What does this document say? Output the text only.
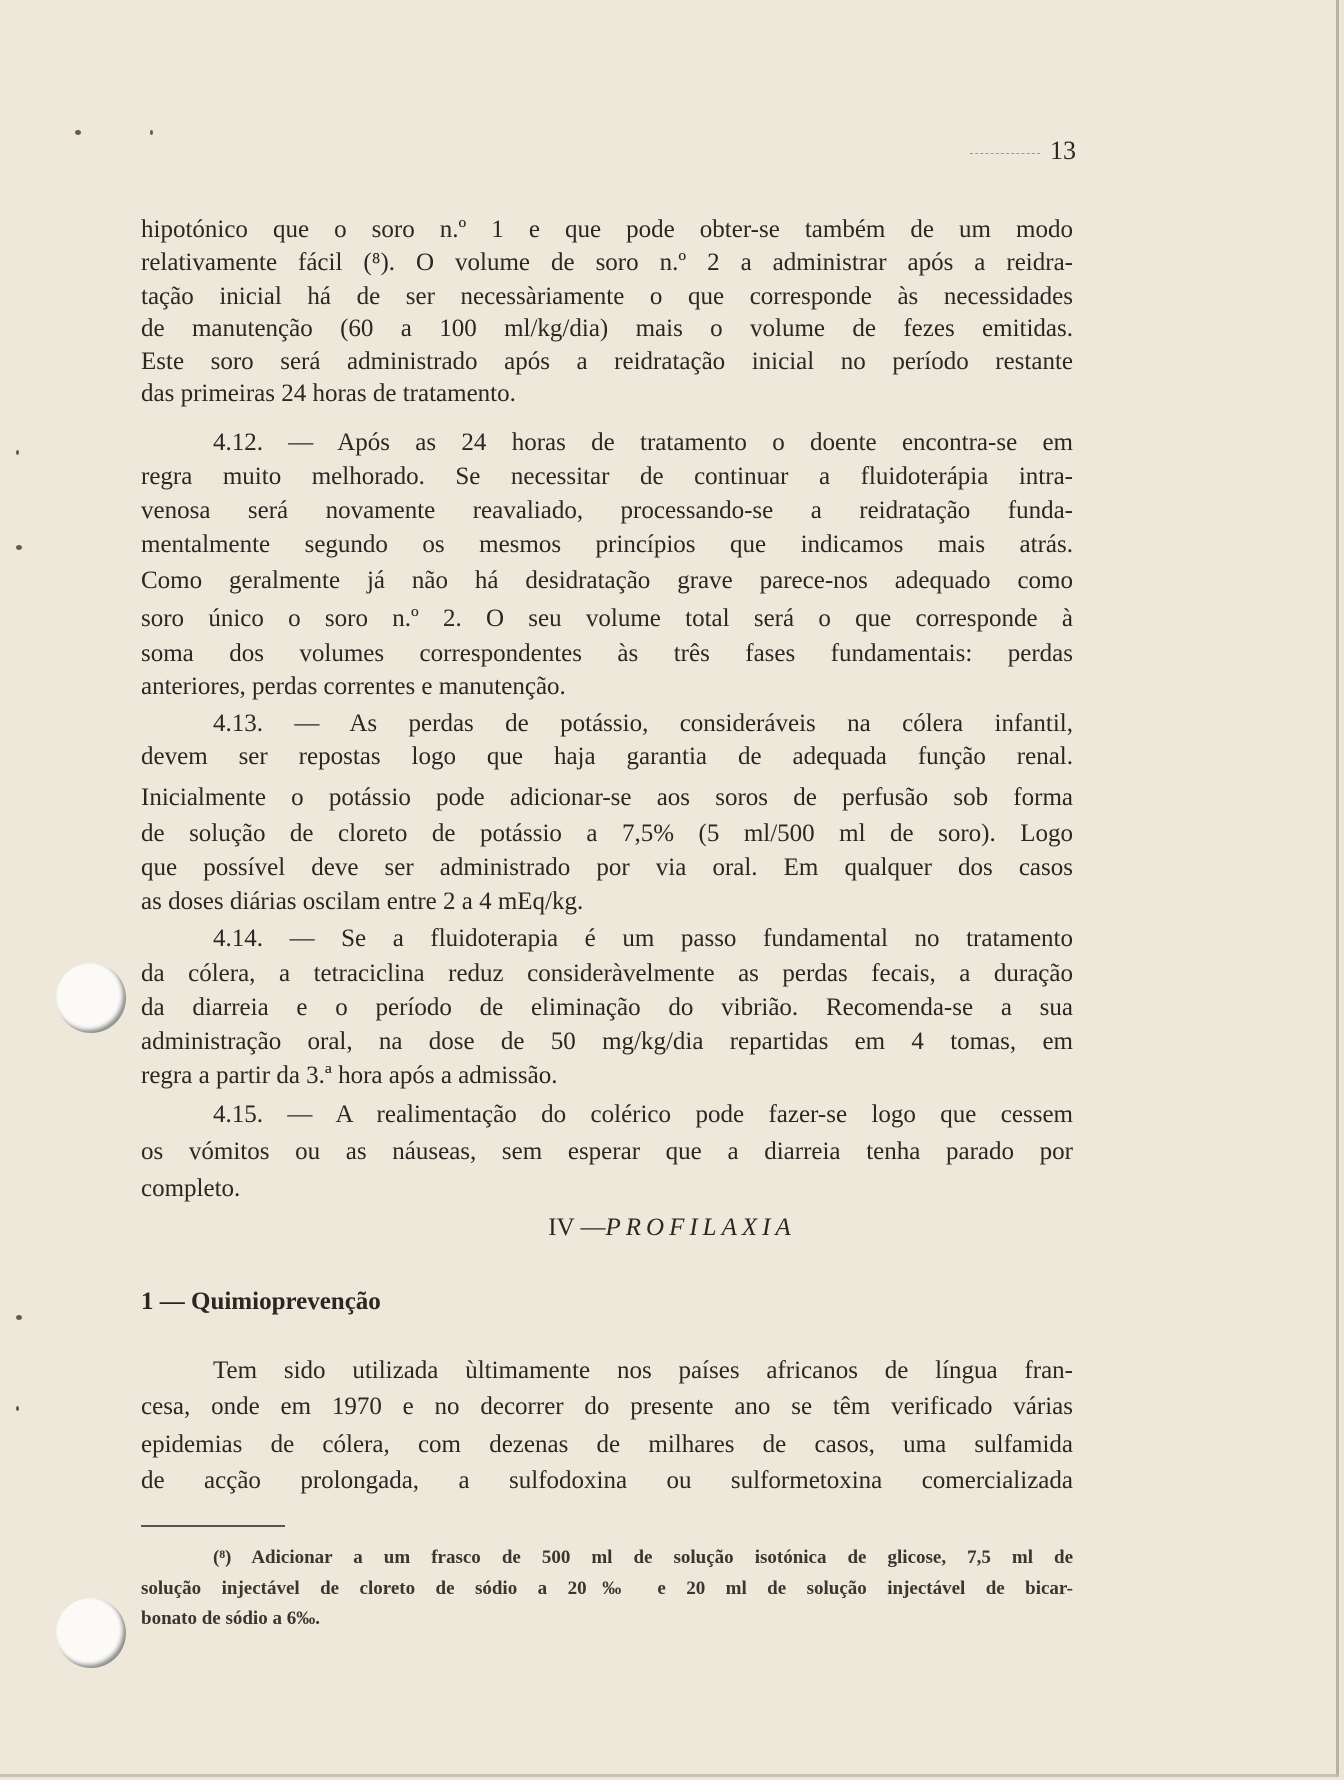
13
hipotónico que o soro n.º 1 e que pode obter-se também de um modo
relativamente fácil (⁸). O volume de soro n.º 2 a administrar após a reidra-
tação inicial há de ser necessàriamente o que corresponde às necessidades
de manutenção (60 a 100 ml/kg/dia) mais o volume de fezes emitidas.
Este soro será administrado após a reidratação inicial no período restante
das primeiras 24 horas de tratamento.
4.12. — Após as 24 horas de tratamento o doente encontra-se em
regra muito melhorado. Se necessitar de continuar a fluidoterápia intra-
venosa será novamente reavaliado, processando-se a reidratação funda-
mentalmente segundo os mesmos princípios que indicamos mais atrás.
Como geralmente já não há desidratação grave parece-nos adequado como
soro único o soro n.º 2. O seu volume total será o que corresponde à
soma dos volumes correspondentes às três fases fundamentais: perdas
anteriores, perdas correntes e manutenção.
4.13. — As perdas de potássio, consideráveis na cólera infantil,
devem ser repostas logo que haja garantia de adequada função renal.
Inicialmente o potássio pode adicionar-se aos soros de perfusão sob forma
de solução de cloreto de potássio a 7,5% (5 ml/500 ml de soro). Logo
que possível deve ser administrado por via oral. Em qualquer dos casos
as doses diárias oscilam entre 2 a 4 mEq/kg.
4.14. — Se a fluidoterapia é um passo fundamental no tratamento
da cólera, a tetraciclina reduz consideràvelmente as perdas fecais, a duração
da diarreia e o período de eliminação do vibrião. Recomenda-se a sua
administração oral, na dose de 50 mg/kg/dia repartidas em 4 tomas, em
regra a partir da 3.ª hora após a admissão.
4.15. — A realimentação do colérico pode fazer-se logo que cessem
os vómitos ou as náuseas, sem esperar que a diarreia tenha parado por
completo.
Tem sido utilizada ùltimamente nos países africanos de língua fran-
cesa, onde em 1970 e no decorrer do presente ano se têm verificado várias
epidemias de cólera, com dezenas de milhares de casos, uma sulfamida
de acção prolongada, a sulfodoxina ou sulformetoxina comercializada
IV —PROFILAXIA
1 — Quimioprevenção
(⁸) Adicionar a um frasco de 500 ml de solução isotónica de glicose, 7,5 ml de
solução injectável de cloreto de sódio a 20‰ e 20 ml de solução injectável de bicar-
bonato de sódio a 6‰.
